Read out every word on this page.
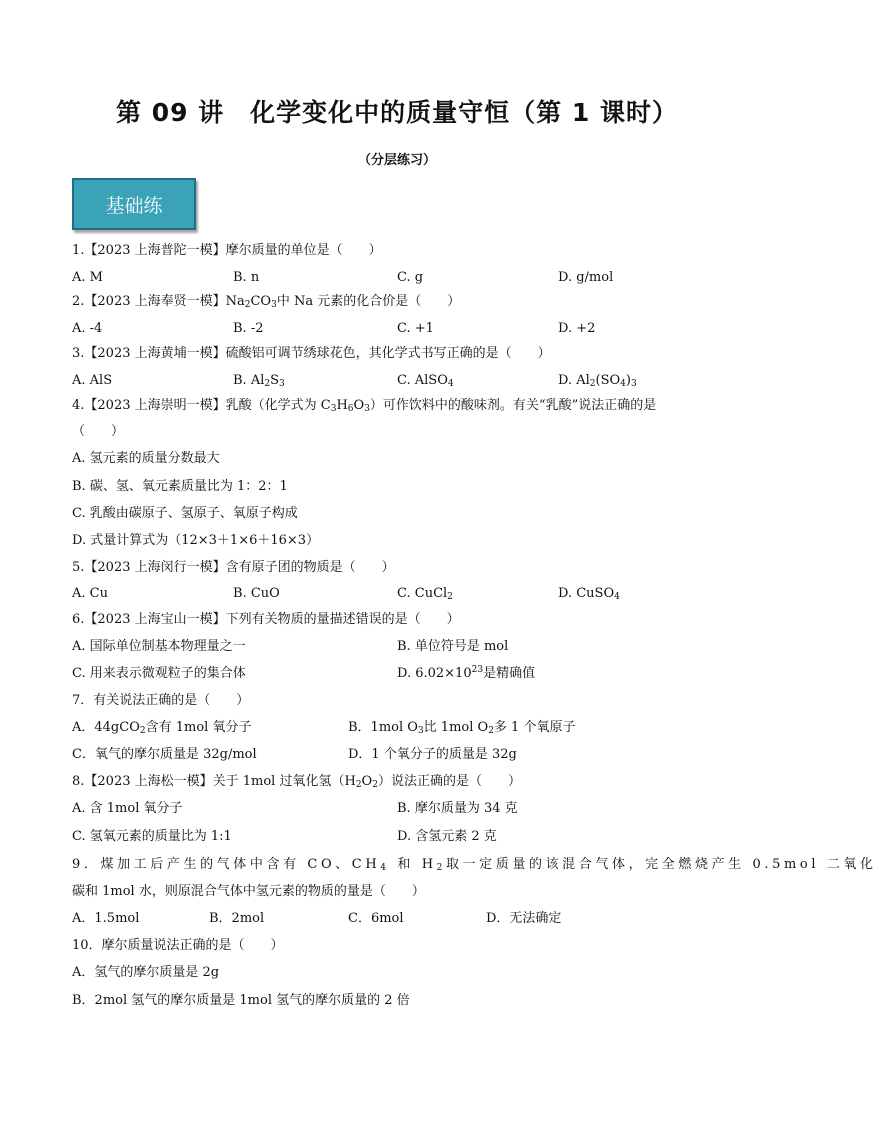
第 09 讲　化学变化中的质量守恒（第 1 课时）
（分层练习）
基础练
1.【2023 上海普陀一模】摩尔质量的单位是（　　）
A. M	B. n	C. g	D. g/mol
2.【2023 上海奉贤一模】$Na_2CO_3$中 Na 元素的化合价是（　　）
A. -4	B. -2	C. +1	D. +2
3.【2023 上海黄埔一模】硫酸铝可调节绣球花色，其化学式书写正确的是（　　）
A. AlS	B. $Al_2S_3$	C. AlSO$_4$	D. $Al_2(SO_4)_3$
4.【2023 上海崇明一模】乳酸（化学式为 $C_3H_6O_3$）可作饮料中的酸味剂。有关“乳酸”说法正确的是
（　　）
A. 氢元素的质量分数最大
B. 碳、氢、氧元素质量比为 1：2：1
C. 乳酸由碳原子、氢原子、氧原子构成
D. 式量计算式为（12×3＋1×6＋16×3）
5.【2023 上海闵行一模】含有原子团的物质是（　　）
A. Cu	B. CuO	C. CuCl$_2$	D. CuSO$_4$
6.【2023 上海宝山一模】下列有关物质的量描述错误的是（　　）
A. 国际单位制基本物理量之一	B. 单位符号是 mol
C. 用来表示微观粒子的集合体	D. $6.02\times 10^{23}$是精确值
7．有关说法正确的是（　　）
A．44gCO$_2$含有 1mol 氧分子	B．1mol $O_3$比 1mol $O_2$多 1 个氧原子
C．氧气的摩尔质量是 32g/mol	D．1 个氧分子的质量是 32g
8.【2023 上海松一模】关于 1mol 过氧化氢$(H_2O_2)$说法正确的是（　　）
A. 含 1mol 氧分子	B. 摩尔质量为 34 克
C. 氢氧元素的质量比为 1:1	D. 含氢元素 2 克
9．煤加工后产生的气体中含有 CO、$CH_4$ 和 $H_2$取一定质量的该混合气体，完全燃烧产生 0.5mol 二氧化
碳和 1mol 水，则原混合气体中氢元素的物质的量是（　　）
A．1.5mol	B．2mol	C．6mol	D．无法确定
10．摩尔质量说法正确的是（　　）
A．氢气的摩尔质量是 2g
B．2mol 氢气的摩尔质量是 1mol 氢气的摩尔质量的 2 倍
